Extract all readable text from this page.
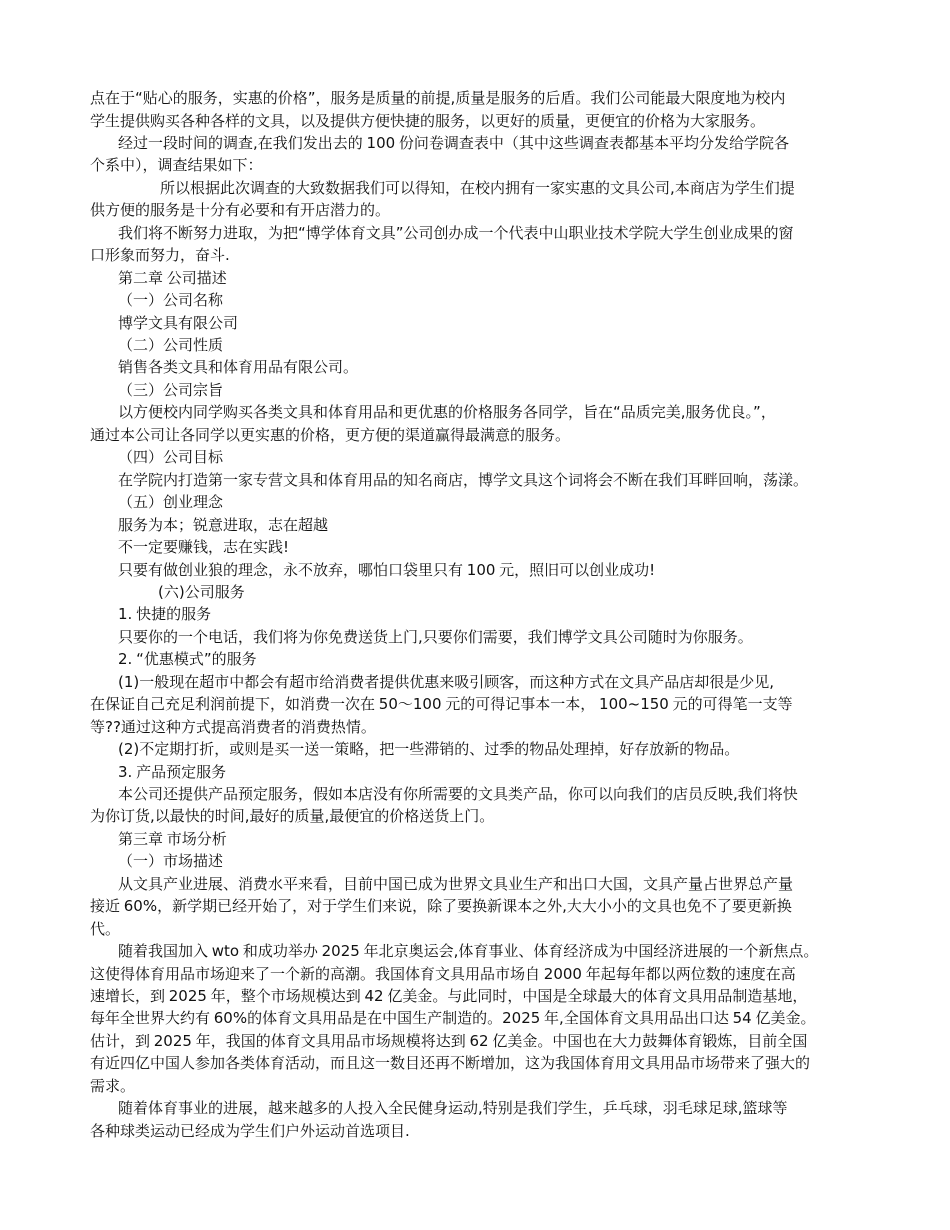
点在于“贴心的服务，实惠的价格”，服务是质量的前提,质量是服务的后盾。我们公司能最大限度地为校内
学生提供购买各种各样的文具，以及提供方便快捷的服务，以更好的质量，更便宜的价格为大家服务。
经过一段时间的调查,在我们发出去的 100 份问卷调查表中（其中这些调查表都基本平均分发给学院各
个系中），调查结果如下：
所以根据此次调查的大致数据我们可以得知，在校内拥有一家实惠的文具公司,本商店为学生们提
供方便的服务是十分有必要和有开店潜力的。
我们将不断努力进取，为把“博学体育文具”公司创办成一个代表中山职业技术学院大学生创业成果的窗
口形象而努力，奋斗.
第二章 公司描述
（一）公司名称
博学文具有限公司
（二）公司性质
销售各类文具和体育用品有限公司。
（三）公司宗旨
以方便校内同学购买各类文具和体育用品和更优惠的价格服务各同学，旨在“品质完美,服务优良。”，
通过本公司让各同学以更实惠的价格，更方便的渠道赢得最满意的服务。
（四）公司目标
在学院内打造第一家专营文具和体育用品的知名商店，博学文具这个词将会不断在我们耳畔回响，荡漾。
（五）创业理念
服务为本；锐意进取，志在超越
不一定要赚钱，志在实践!
只要有做创业狼的理念，永不放弃，哪怕口袋里只有 100 元，照旧可以创业成功!
(六)公司服务
1. 快捷的服务
只要你的一个电话，我们将为你免费送货上门,只要你们需要，我们博学文具公司随时为你服务。
2. “优惠模式”的服务
(1)一般现在超市中都会有超市给消费者提供优惠来吸引顾客，而这种方式在文具产品店却很是少见,
在保证自己充足利润前提下，如消费一次在 50～100 元的可得记事本一本， 100~150 元的可得笔一支等
等??通过这种方式提高消费者的消费热情。
(2)不定期打折，或则是买一送一策略，把一些滞销的、过季的物品处理掉，好存放新的物品。
3. 产品预定服务
本公司还提供产品预定服务，假如本店没有你所需要的文具类产品，你可以向我们的店员反映,我们将快
为你订货,以最快的时间,最好的质量,最便宜的价格送货上门。
第三章 市场分析
（一）市场描述
从文具产业进展、消费水平来看，目前中国已成为世界文具业生产和出口大国，文具产量占世界总产量
接近 60%，新学期已经开始了，对于学生们来说，除了要换新课本之外,大大小小的文具也免不了要更新换
代。
随着我国加入 wto 和成功举办 2025 年北京奥运会,体育事业、体育经济成为中国经济进展的一个新焦点。
这使得体育用品市场迎来了一个新的高潮。我国体育文具用品市场自 2000 年起每年都以两位数的速度在高
速增长，到 2025 年，整个市场规模达到 42 亿美金。与此同时，中国是全球最大的体育文具用品制造基地，
每年全世界大约有 60%的体育文具用品是在中国生产制造的。2025 年,全国体育文具用品出口达 54 亿美金。
估计，到 2025 年，我国的体育文具用品市场规模将达到 62 亿美金。中国也在大力鼓舞体育锻炼，目前全国
有近四亿中国人参加各类体育活动，而且这一数目还再不断增加，这为我国体育用文具用品市场带来了强大的
需求。
随着体育事业的进展，越来越多的人投入全民健身运动,特别是我们学生，乒乓球，羽毛球足球,篮球等
各种球类运动已经成为学生们户外运动首选项目.
